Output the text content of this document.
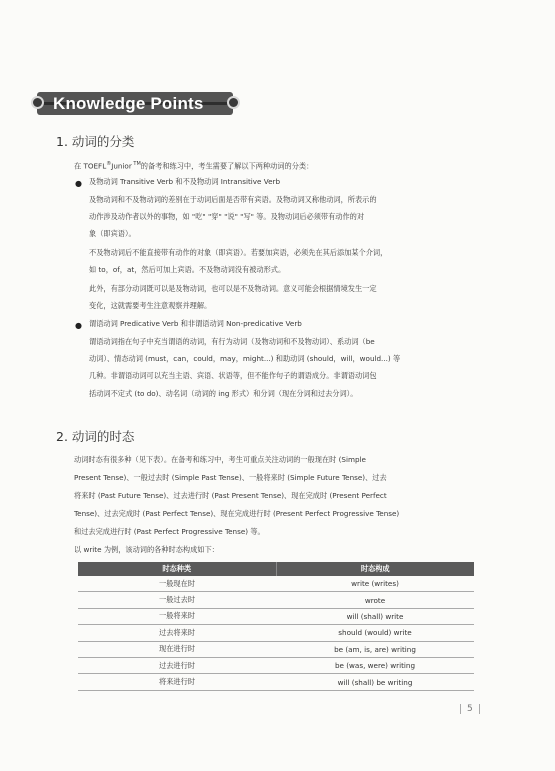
Knowledge Points
1. 动词的分类
在 TOEFL®Junior ™的备考和练习中，考生需要了解以下两种动词的分类：
● 及物动词 Transitive Verb 和不及物动词 Intransitive Verb
及物动词和不及物动词的差别在于动词后面是否带有宾语。及物动词又称他动词，所表示的
动作涉及动作者以外的事物，如 "吃" "穿" "说" "写" 等。及物动词后必须带有动作的对
象（即宾语）。
不及物动词后不能直接带有动作的对象（即宾语）。若要加宾语，必须先在其后添加某个介词，
如 to，of，at，然后可加上宾语。不及物动词没有被动形式。
此外，有部分动词既可以是及物动词，也可以是不及物动词。意义可能会根据情境发生一定
变化，这就需要考生注意观察并理解。
● 谓语动词 Predicative Verb 和非谓语动词 Non-predicative Verb
谓语动词指在句子中充当谓语的动词，有行为动词（及物动词和不及物动词）、系动词（be
动词）、情态动词 (must，can，could，may，might...) 和助动词 (should，will，would...) 等
几种。非谓语动词可以充当主语、宾语、状语等，但不能作句子的谓语成分。非谓语动词包
括动词不定式 (to do)、动名词（动词的 ing 形式）和分词（现在分词和过去分词）。
2. 动词的时态
动词时态有很多种（见下表）。在备考和练习中，考生可重点关注动词的一般现在时 (Simple
Present Tense)、一般过去时 (Simple Past Tense)、一般将来时 (Simple Future Tense)、过去
将来时 (Past Future Tense)、过去进行时 (Past Present Tense)、现在完成时 (Present Perfect
Tense)、过去完成时 (Past Perfect Tense)、现在完成进行时 (Present Perfect Progressive Tense)
和过去完成进行时 (Past Perfect Progressive Tense) 等。
以 write 为例，该动词的各种时态构成如下：
时态种类	时态构成
一般现在时	write (writes)
一般过去时	wrote
一般将来时	will (shall) write
过去将来时	should (would) write
现在进行时	be (am, is, are) writing
过去进行时	be (was, were) writing
将来进行时	will (shall) be writing
5
